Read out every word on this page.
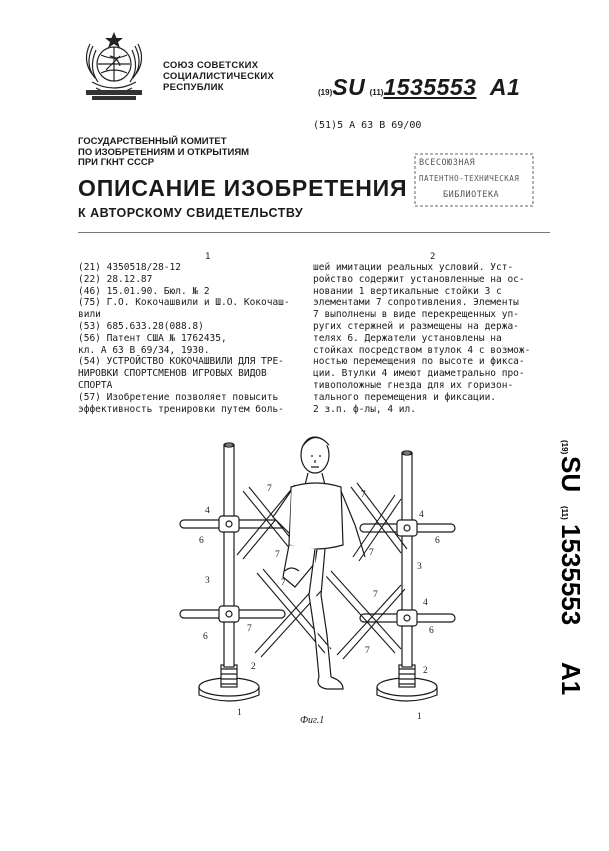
СОЮЗ СОВЕТСКИХ
СОЦИАЛИСТИЧЕСКИХ
РЕСПУБЛИК	(19)SU (11)1535553 A1
(51)5 А 63 В 69/00
ГОСУДАРСТВЕННЫЙ КОМИТЕТ
ПО ИЗОБРЕТЕНИЯМ И ОТКРЫТИЯМ
ПРИ ГКНТ СССР	ВСЕСОЮЗНАЯ
ПАТЕНТНО-ТЕХНИЧЕСКАЯ
БИБЛИОТЕКА
ОПИСАНИЕ ИЗОБРЕТЕНИЯ
К АВТОРСКОМУ СВИДЕТЕЛЬСТВУ
1	2
(21) 4350518/28-12
(22) 28.12.87
(46) 15.01.90. Бюл. № 2
(75) Г.О. Кокочашвили и Ш.О. Кокочаш-
вили
(53) 685.633.28(088.8)
(56) Патент США № 1762435,
кл. А 63 В 69/34, 1930.
(54) УСТРОЙСТВО КОКОЧАШВИЛИ ДЛЯ ТРЕ-
НИРОВКИ СПОРТСМЕНОВ ИГРОВЫХ ВИДОВ
СПОРТА
(57) Изобретение позволяет повысить
эффективность тренировки путем боль-
шей имитации реальных условий. Уст-
ройство содержит установленные на ос-
новании 1 вертикальные стойки 3 с
элементами 7 сопротивления. Элементы
7 выполнены в виде перекрещенных уп-
ругих стержней и размещены на держа-
телях 6. Держатели установлены на
стойках посредством втулок 4 с возмож-
ностью перемещения по высоте и фикса-
ции. Втулки 4 имеют диаметрально про-
тивоположные гнезда для их горизон-
тального перемещения и фиксации.
2 з.п. ф-лы, 4 ил.
(19)
SU
(11)
1535553
A1
4
7
6
7
3	7
6
7
2
1
7
4
6
7
3
7
4
6
7
2
1
Фиг.1
